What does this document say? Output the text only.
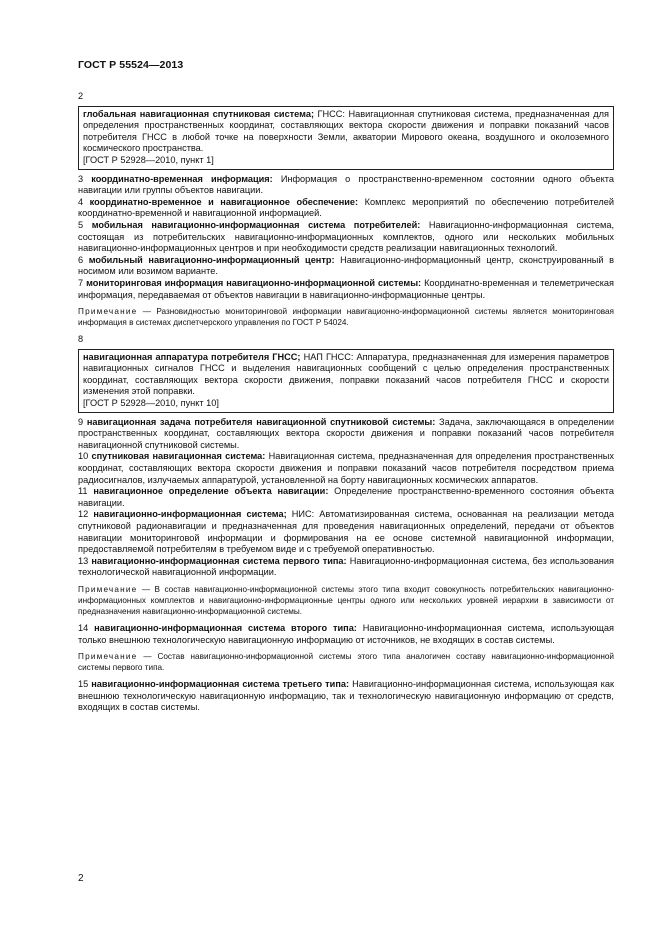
ГОСТ Р 55524—2013
2

глобальная навигационная спутниковая система; ГНСС: Навигационная спутниковая система, предназначенная для определения пространственных координат, составляющих вектора скорости движения и поправки показаний часов потребителя ГНСС в любой точке на поверхности Земли, акватории Мирового океана, воздушного и околоземного космического пространства.

[ГОСТ Р 52928—2010, пункт 1]

3 координатно-временная информация: Информация о пространственно-временном состоянии одного объекта навигации или группы объектов навигации.

4 координатно-временное и навигационное обеспечение: Комплекс мероприятий по обеспечению потребителей координатно-временной и навигационной информацией.

5 мобильная навигационно-информационная система потребителей: Навигационно-информационная система, состоящая из потребительских навигационно-информационных комплектов, одного или нескольких мобильных навигационно-информационных центров и при необходимости средств реализации навигационных технологий.

6 мобильный навигационно-информационный центр: Навигационно-информационный центр, сконструированный в носимом или возимом варианте.

7 мониторинговая информация навигационно-информационной системы: Координатно-временная и телеметрическая информация, передаваемая от объектов навигации в навигационно-информационные центры.

Примечание — Разновидностью мониторинговой информации навигационно-информационной системы является мониторинговая информация в системах диспетчерского управления по ГОСТ Р 54024.

8

навигационная аппаратура потребителя ГНСС; НАП ГНСС: Аппаратура, предназначенная для измерения параметров навигационных сигналов ГНСС и выделения навигационных сообщений с целью определения пространственных координат, составляющих вектора скорости движения, поправки показаний часов потребителя ГНСС и скорости изменения этой поправки.

[ГОСТ Р 52928—2010, пункт 10]

9 навигационная задача потребителя навигационной спутниковой системы: Задача, заключающаяся в определении пространственных координат, составляющих вектора скорости движения и поправки показаний часов потребителя навигационной спутниковой системы.

10 спутниковая навигационная система: Навигационная система, предназначенная для определения пространственных координат, составляющих вектора скорости движения и поправки показаний часов потребителя посредством приема радиосигналов, излучаемых аппаратурой, установленной на борту навигационных космических аппаратов.

11 навигационное определение объекта навигации: Определение пространственно-временного состояния объекта навигации.

12 навигационно-информационная система; НИС: Автоматизированная система, основанная на реализации метода спутниковой радионавигации и предназначенная для проведения навигационных определений, передачи от объектов навигации мониторинговой информации и формирования на ее основе системной навигационной информации, предоставляемой потребителям в требуемом виде и с требуемой оперативностью.

13 навигационно-информационная система первого типа: Навигационно-информационная система, без использования технологической навигационной информации.

Примечание — В состав навигационно-информационной системы этого типа входит совокупность потребительских навигационно-информационных комплектов и навигационно-информационные центры одного или нескольких уровней иерархии в зависимости от предназначения навигационно-информационной системы.

14 навигационно-информационная система второго типа: Навигационно-информационная система, использующая только внешнюю технологическую навигационную информацию от источников, не входящих в состав системы.

Примечание — Состав навигационно-информационной системы этого типа аналогичен составу навигационно-информационной системы первого типа.

15 навигационно-информационная система третьего типа: Навигационно-информационная система, использующая как внешнюю технологическую навигационную информацию, так и технологическую навигационную информацию от средств, входящих в состав системы.

2
